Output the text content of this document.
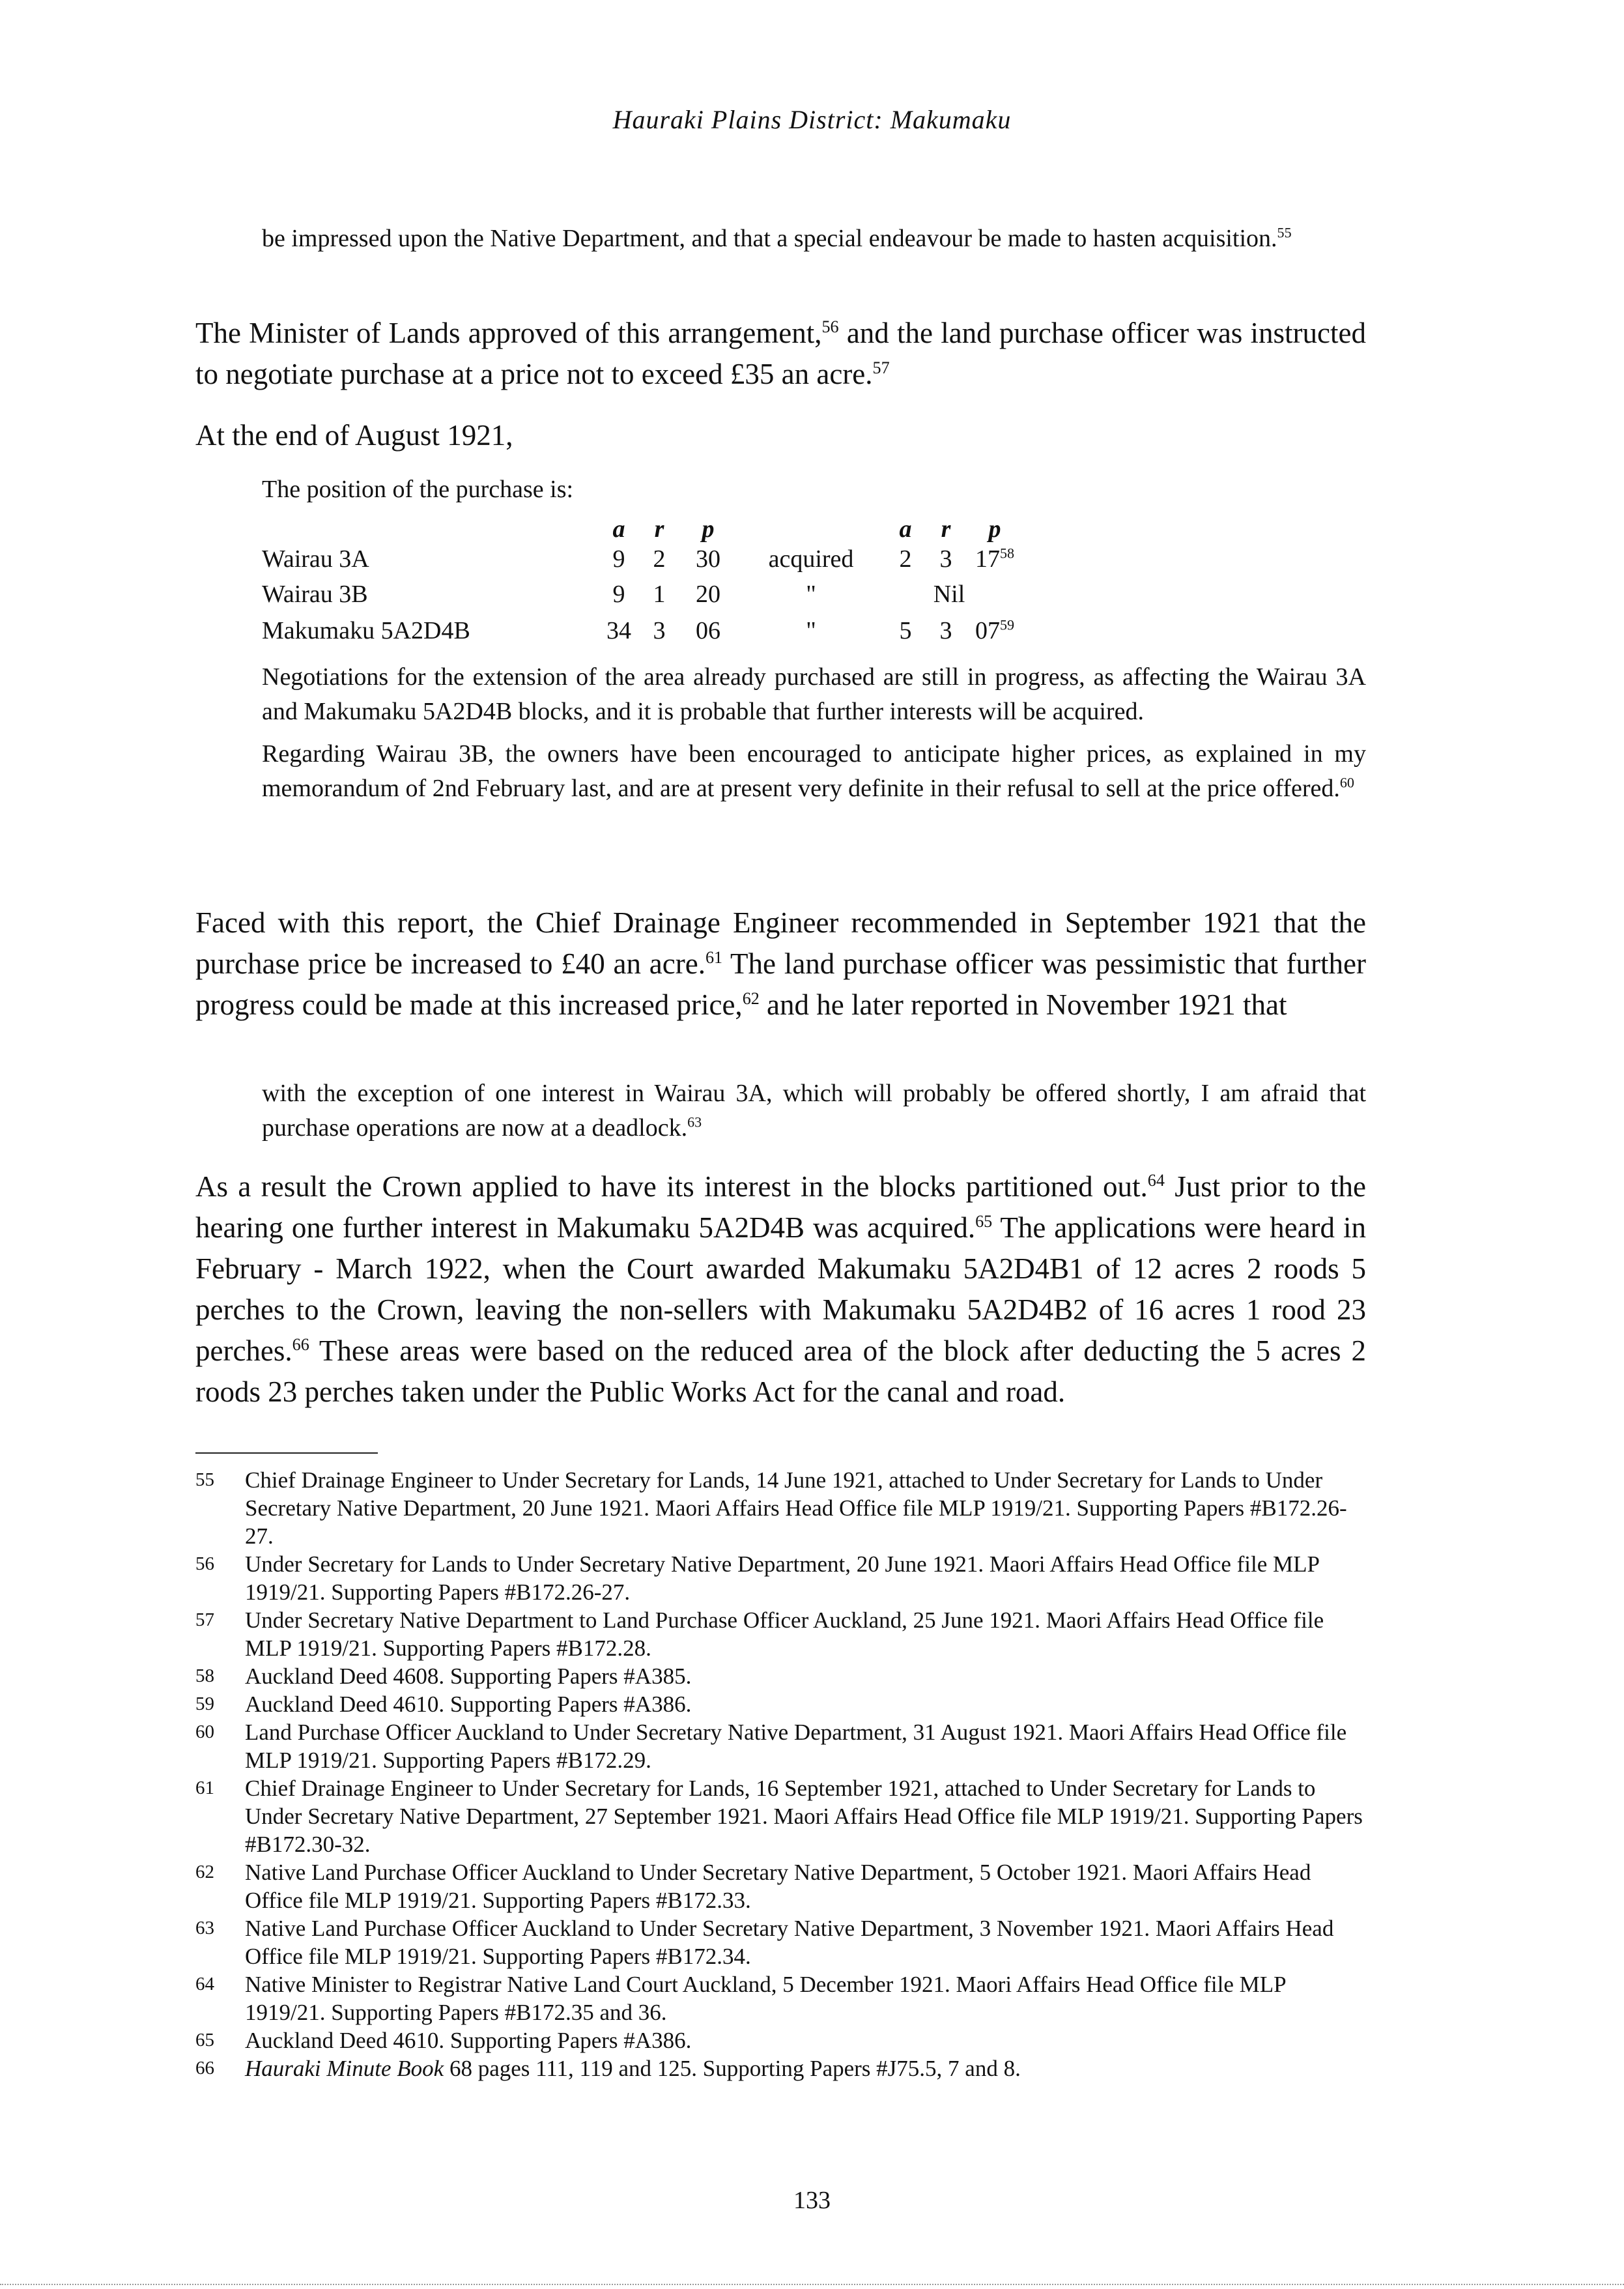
Hauraki Plains District: Makumaku
be impressed upon the Native Department, and that a special endeavour be made to hasten acquisition.$^{55}$
The Minister of Lands approved of this arrangement,$^{56}$ and the land purchase officer was instructed to negotiate purchase at a price not to exceed £35 an acre.$^{57}$
At the end of August 1921,
The position of the purchase is:
a	r	p	a	r	p
Wairau 3A	9 2	30	acquired	2 3 $17^{58}$
Wairau 3B	9 1	20	"	Nil
Makumaku 5A2D4B	34 3	06	"	5 3 $07^{59}$

Negotiations for the extension of the area already purchased are still in progress, as affecting the Wairau 3A and Makumaku 5A2D4B blocks, and it is probable that further interests will be acquired.

Regarding Wairau 3B, the owners have been encouraged to anticipate higher prices, as explained in my memorandum of 2nd February last, and are at present very definite in their refusal to sell at the price offered.$^{60}$

Faced with this report, the Chief Drainage Engineer recommended in September 1921 that the purchase price be increased to £40 an acre.$^{61}$ The land purchase officer was pessimistic that further progress could be made at this increased price,$^{62}$ and he later reported in November 1921 that
with the exception of one interest in Wairau 3A, which will probably be offered shortly, I am afraid that purchase operations are now at a deadlock.$^{63}$
As a result the Crown applied to have its interest in the blocks partitioned out.$^{64}$ Just prior to the hearing one further interest in Makumaku 5A2D4B was acquired.$^{65}$ The applications were heard in February - March 1922, when the Court awarded Makumaku 5A2D4B1 of 12 acres 2 roods 5 perches to the Crown, leaving the non-sellers with Makumaku 5A2D4B2 of 16 acres 1 rood 23 perches.$^{66}$ These areas were based on the reduced area of the block after deducting the 5 acres 2 roods 23 perches taken under the Public Works Act for the canal and road.
55 Chief Drainage Engineer to Under Secretary for Lands, 14 June 1921, attached to Under Secretary for Lands to Under Secretary Native Department, 20 June 1921. Maori Affairs Head Office file MLP 1919/21. Supporting Papers #B172.26-27.
56 Under Secretary for Lands to Under Secretary Native Department, 20 June 1921. Maori Affairs Head Office file MLP 1919/21. Supporting Papers #B172.26-27.
57 Under Secretary Native Department to Land Purchase Officer Auckland, 25 June 1921. Maori Affairs Head Office file MLP 1919/21. Supporting Papers #B172.28.
58 Auckland Deed 4608. Supporting Papers #A385.
59 Auckland Deed 4610. Supporting Papers #A386.
60 Land Purchase Officer Auckland to Under Secretary Native Department, 31 August 1921. Maori Affairs Head Office file MLP 1919/21. Supporting Papers #B172.29.
61 Chief Drainage Engineer to Under Secretary for Lands, 16 September 1921, attached to Under Secretary for Lands to Under Secretary Native Department, 27 September 1921. Maori Affairs Head Office file MLP 1919/21. Supporting Papers #B172.30-32.
62 Native Land Purchase Officer Auckland to Under Secretary Native Department, 5 October 1921. Maori Affairs Head Office file MLP 1919/21. Supporting Papers #B172.33.
63 Native Land Purchase Officer Auckland to Under Secretary Native Department, 3 November 1921. Maori Affairs Head Office file MLP 1919/21. Supporting Papers #B172.34.
64 Native Minister to Registrar Native Land Court Auckland, 5 December 1921. Maori Affairs Head Office file MLP 1919/21. Supporting Papers #B172.35 and 36.
65 Auckland Deed 4610. Supporting Papers #A386.
66 Hauraki Minute Book 68 pages 111, 119 and 125. Supporting Papers #J75.5, 7 and 8.
133
